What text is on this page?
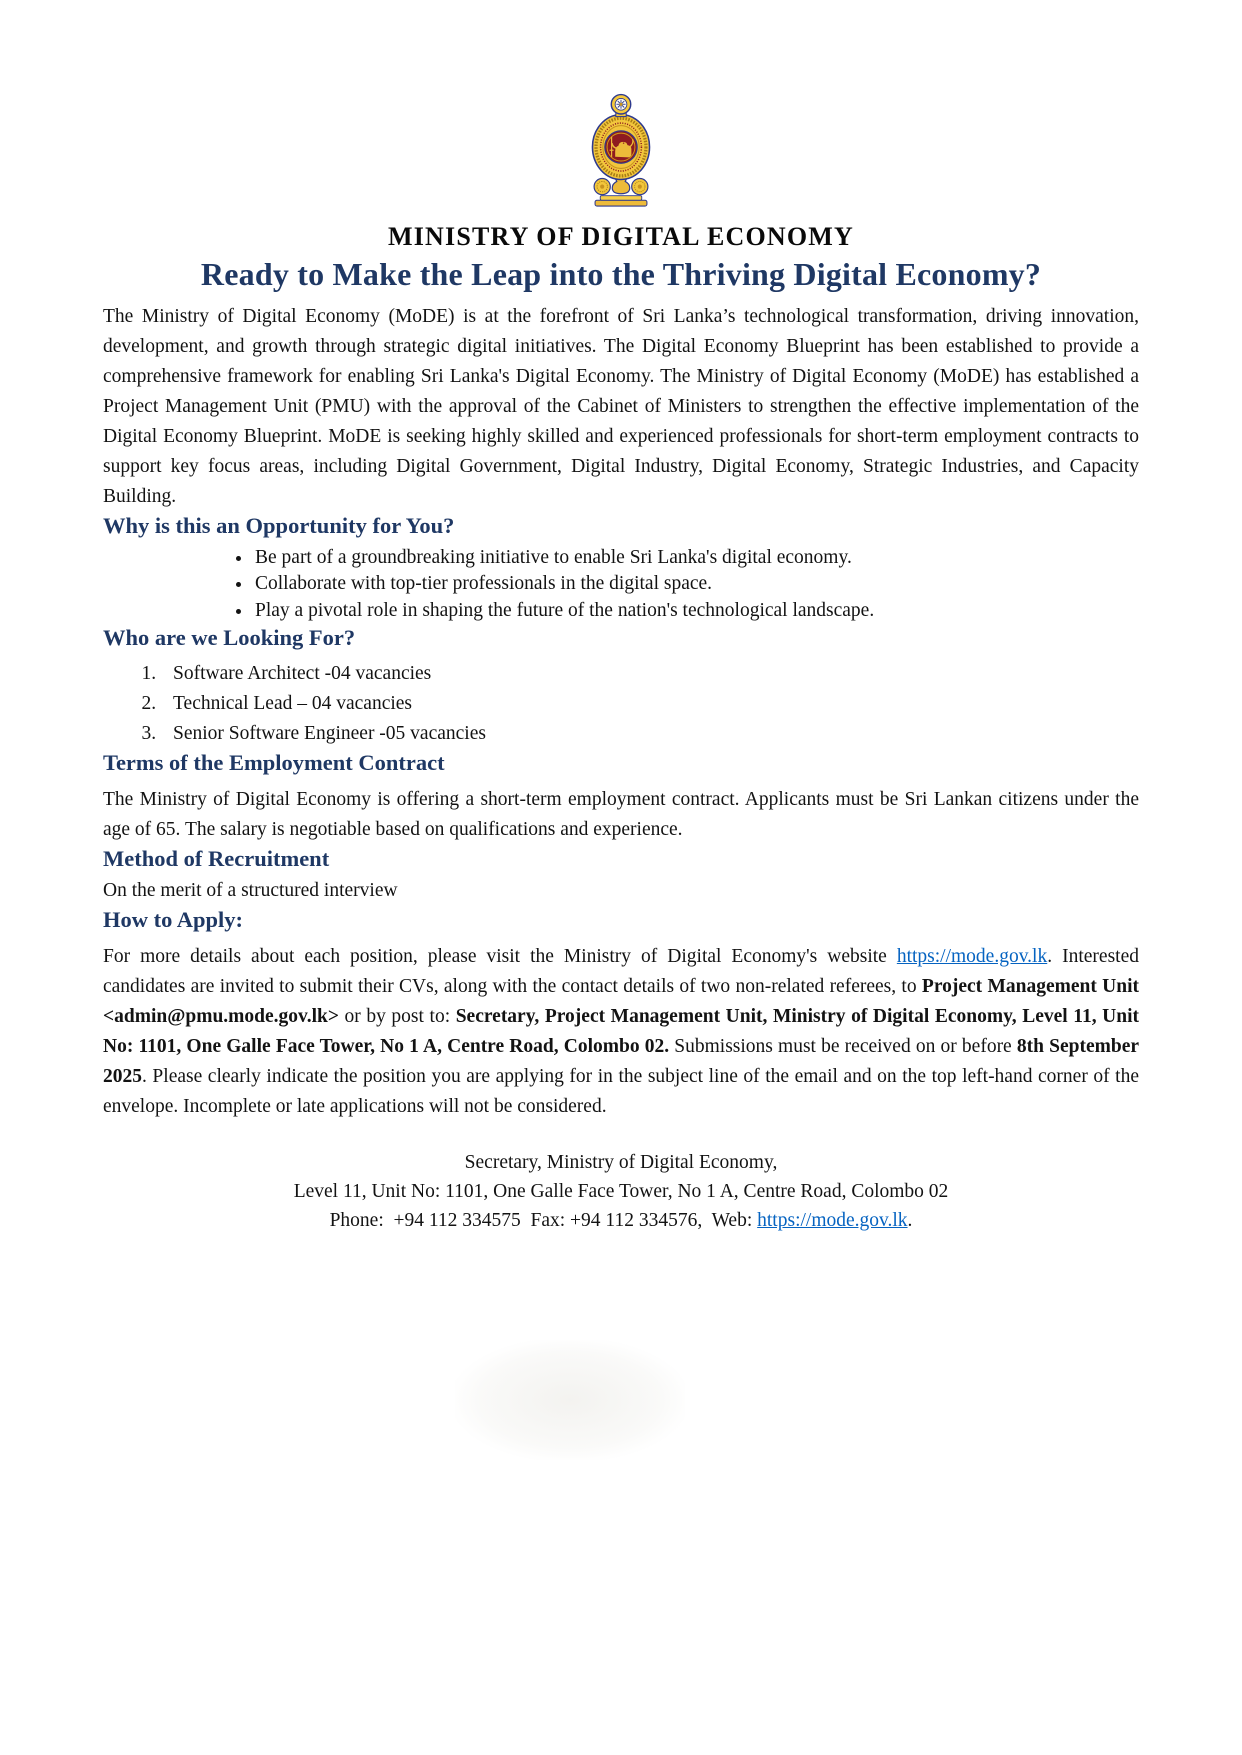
MINISTRY OF DIGITAL ECONOMY
Ready to Make the Leap into the Thriving Digital Economy?

The Ministry of Digital Economy (MoDE) is at the forefront of Sri Lanka’s technological transformation, driving innovation, development, and growth through strategic digital initiatives. The Digital Economy Blueprint has been established to provide a comprehensive framework for enabling Sri Lanka's Digital Economy. The Ministry of Digital Economy (MoDE) has established a Project Management Unit (PMU) with the approval of the Cabinet of Ministers to strengthen the effective implementation of the Digital Economy Blueprint. MoDE is seeking highly skilled and experienced professionals for short-term employment contracts to support key focus areas, including Digital Government, Digital Industry, Digital Economy, Strategic Industries, and Capacity Building.

Why is this an Opportunity for You?
• Be part of a groundbreaking initiative to enable Sri Lanka's digital economy.
• Collaborate with top-tier professionals in the digital space.
• Play a pivotal role in shaping the future of the nation's technological landscape.
Who are we Looking For?
1. Software Architect -04 vacancies
2. Technical Lead – 04 vacancies
3. Senior Software Engineer -05 vacancies
Terms of the Employment Contract

The Ministry of Digital Economy is offering a short-term employment contract. Applicants must be Sri Lankan citizens under the age of 65. The salary is negotiable based on qualifications and experience.

Method of Recruitment

On the merit of a structured interview

How to Apply:

For more details about each position, please visit the Ministry of Digital Economy's website https://mode.gov.lk. Interested candidates are invited to submit their CVs, along with the contact details of two non-related referees, to Project Management Unit <admin@pmu.mode.gov.lk> or by post to: Secretary, Project Management Unit, Ministry of Digital Economy, Level 11, Unit No: 1101, One Galle Face Tower, No 1 A, Centre Road, Colombo 02. Submissions must be received on or before 8th September 2025. Please clearly indicate the position you are applying for in the subject line of the email and on the top left-hand corner of the envelope. Incomplete or late applications will not be considered.

Secretary, Ministry of Digital Economy,

Level 11, Unit No: 1101, One Galle Face Tower, No 1 A, Centre Road, Colombo 02

Phone:  +94 112 334575  Fax: +94 112 334576,  Web: https://mode.gov.lk.
